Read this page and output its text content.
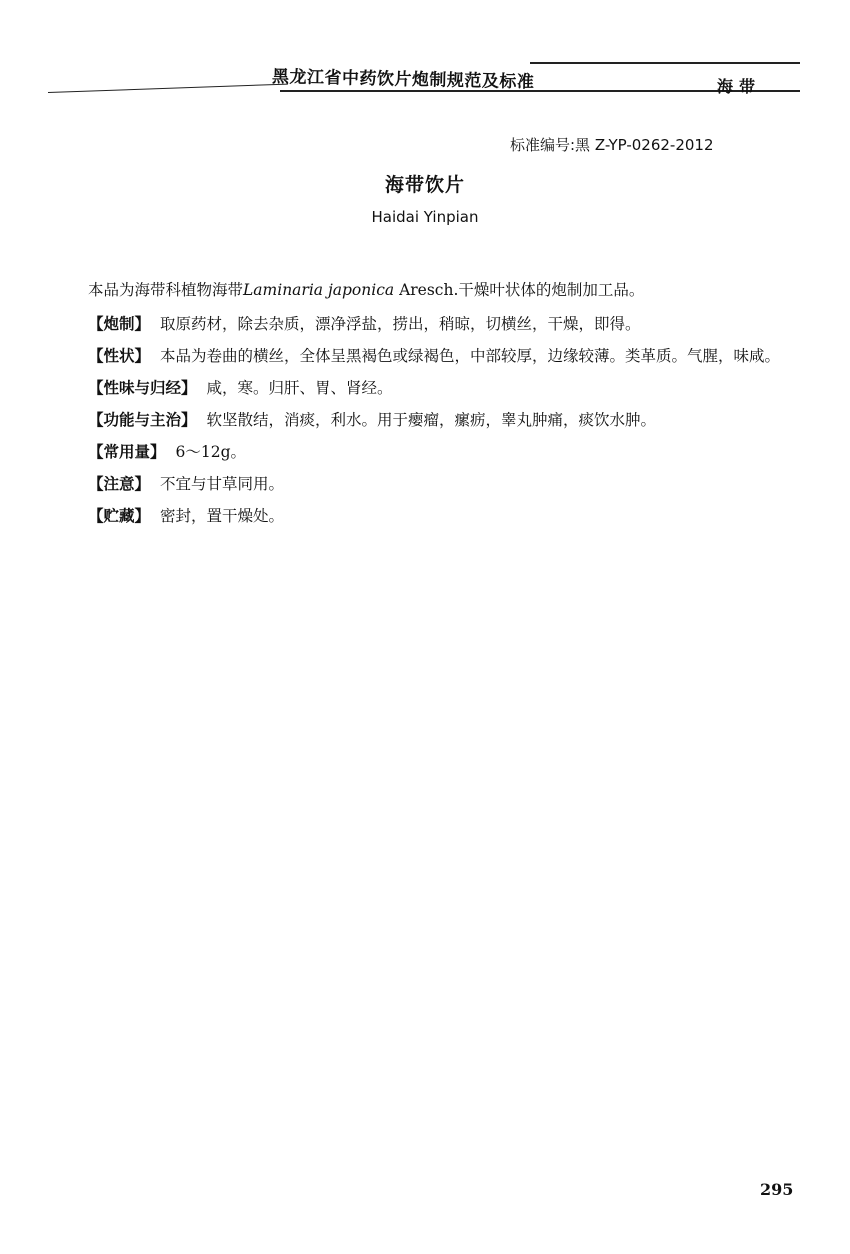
黑龙江省中药饮片炮制规范及标准	海带
标准编号:黑 Z-YP-0262-2012
海带饮片
Haidai Yinpian

本品为海带科植物海带Laminaria japonica Aresch.干燥叶状体的炮制加工品。

【炮制】 取原药材，除去杂质，漂净浮盐，捞出，稍晾，切横丝，干燥，即得。

【性状】 本品为卷曲的横丝，全体呈黑褐色或绿褐色，中部较厚，边缘较薄。类革质。气腥，味咸。

【性味与归经】 咸，寒。归肝、胃、肾经。

【功能与主治】 软坚散结，消痰，利水。用于瘿瘤，瘰疬，睾丸肿痛，痰饮水肿。

【常用量】 6～12g。

【注意】 不宜与甘草同用。

【贮藏】 密封，置干燥处。

295
